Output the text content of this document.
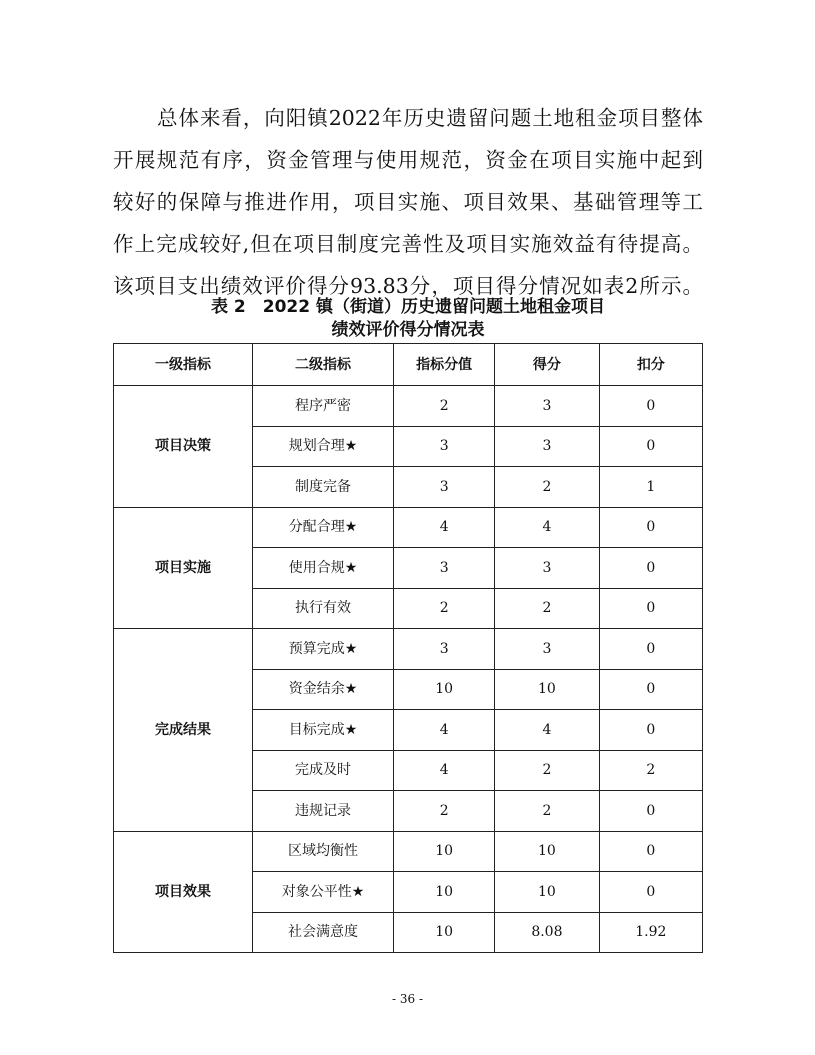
总体来看，向阳镇2022年历史遗留问题土地租金项目整体
开展规范有序，资金管理与使用规范，资金在项目实施中起到
较好的保障与推进作用，项目实施、项目效果、基础管理等工
作上完成较好,但在项目制度完善性及项目实施效益有待提高。
该项目支出绩效评价得分93.83分，项目得分情况如表2所示。
表 2　2022 镇（街道）历史遗留问题土地租金项目
绩效评价得分情况表
一级指标	二级指标	指标分值	得分	扣分
项目决策	程序严密	2	3	0
	规划合理★	3	3	0
	制度完备	3	2	1
项目实施	分配合理★	4	4	0
	使用合规★	3	3	0
	执行有效	2	2	0
完成结果	预算完成★	3	3	0
	资金结余★	10	10	0
	目标完成★	4	4	0
	完成及时	4	2	2
	违规记录	2	2	0
项目效果	区域均衡性	10	10	0
	对象公平性★	10	10	0
	社会满意度	10	8.08	1.92
- 36 -
